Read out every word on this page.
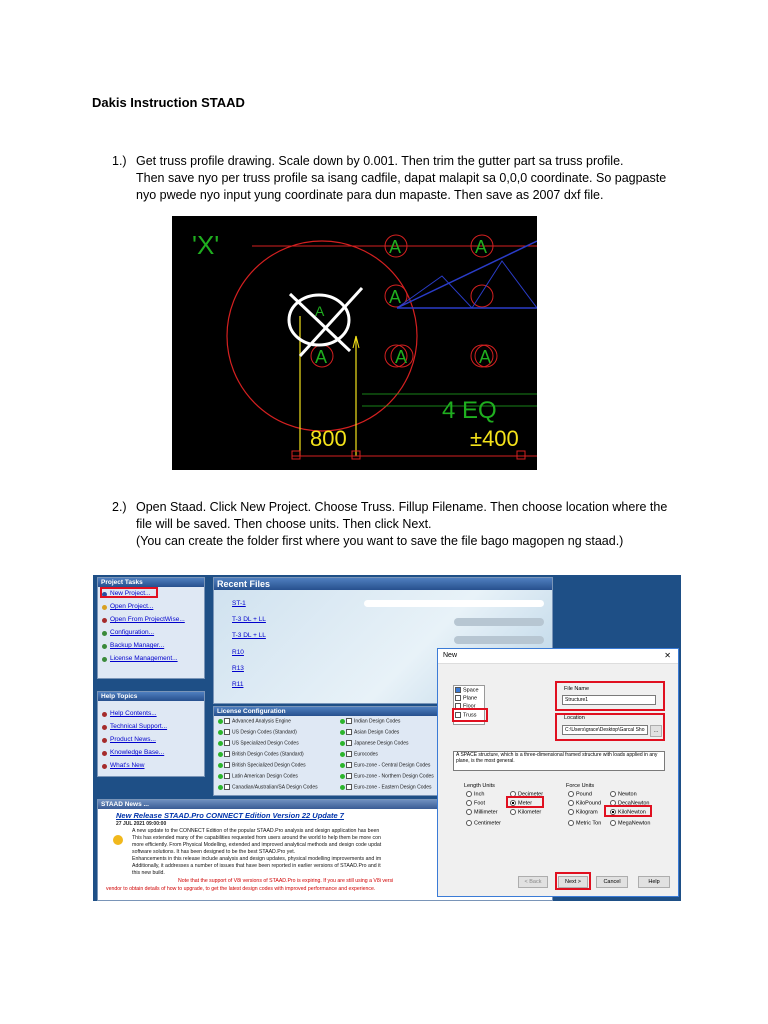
Dakis Instruction STAAD
1.) Get truss profile drawing. Scale down by 0.001. Then trim the gutter part sa truss profile.
Then save nyo per truss profile sa isang cadfile, dapat malapit sa 0,0,0 coordinate. So pagpaste
nyo pwede nyo input yung coordinate para dun mapaste. Then save as 2007 dxf file.
A
A
A
A	A	A
A
'X'
4 EQ
800	±400
2.) Open Staad. Click New Project. Choose Truss. Fillup Filename. Then choose location where the
file will be saved. Then choose units. Then click Next.
(You can create the folder first where you want to save the file bago magopen ng staad.)
Project Tasks
New Project...
Open Project...
Open From ProjectWise...
Configuration...
Backup Manager...
License Management...
Help Topics
Help Contents...
Technical Support...
Product News...
Knowledge Base...
What's New
Recent Files
ST-1
T-3 DL + LL
T-3 DL + LL
R10
R13
R11
License Configuration
Advanced Analysis Engine
US Design Codes (Standard)
US Specialized Design Codes
British Design Codes (Standard)
British Specialized Design Codes
Latin American Design Codes
Canadian/Australian/SA Design Codes
Indian Design Codes
Asian Design Codes
Japanese Design Codes
Eurocodes
Euro-zone - Central Design Codes
Euro-zone - Northern Design Codes
Euro-zone - Eastern Design Codes
STAAD News ...
New Release STAAD.Pro CONNECT Edition Version 22 Update 7
27 JUL 2021 09:00:00
A new update to the CONNECT Edition of the popular STAAD.Pro analysis and design application has been
This has extended many of the capabilities requested from users around the world to help them be more con
more efficiently. From Physical Modelling, extended and improved analytical methods and design code updat
software solutions. It has been designed to be the best STAAD.Pro yet.
Enhancements in this release include analysis and design updates, physical modelling improvements and im
Additionally, it addresses a number of issues that have been reported in earlier versions of STAAD.Pro and it
this new build.
Note that the support of V8i versions of STAAD.Pro is expiring. If you are still using a V8i versi
vendor to obtain details of how to upgrade, to get the latest design codes with improved performance and experience.
New	✕
Space
Plane
Floor
Truss
File Name
Structure1
Location
C:\Users\grace\Desktop\Garcal Sho	...
A SPACE structure, which is a three-dimensional framed structure with loads applied in any plane, is the most general.
Length Units
Inch
Foot
Millimeter
Centimeter
Decimeter
Meter
Kilometer
Force Units
Pound
KiloPound
Kilogram
Metric Ton
Newton
DecaNewton
KiloNewton
MegaNewton
< Back	Next >	Cancel	Help
